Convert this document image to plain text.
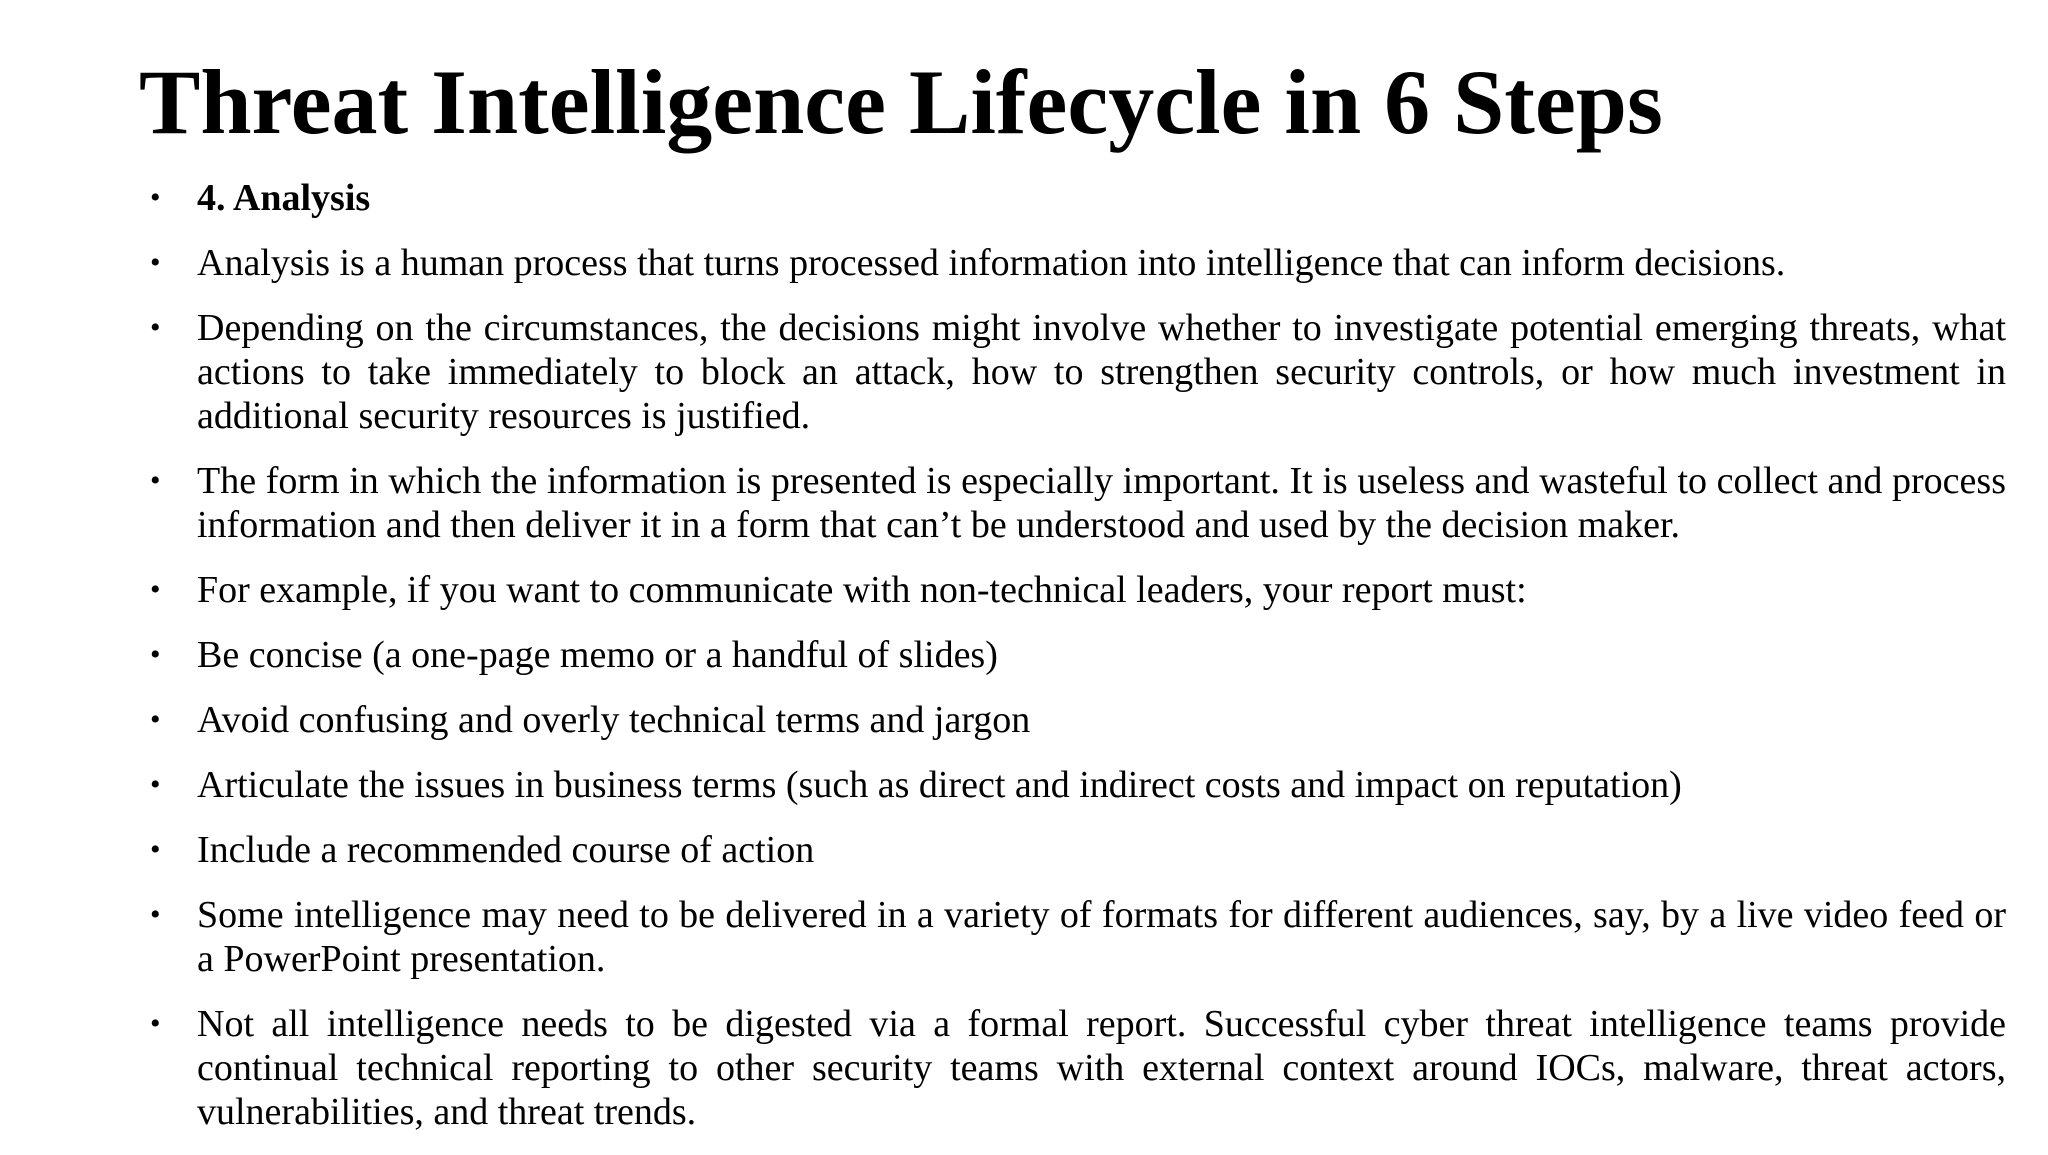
Threat Intelligence Lifecycle in 6 Steps
• 4. Analysis
• Analysis is a human process that turns processed information into intelligence that can inform decisions.
• Depending on the circumstances, the decisions might involve whether to investigate potential emerging threats, what actions to take immediately to block an attack, how to strengthen security controls, or how much investment in additional security resources is justified.
• The form in which the information is presented is especially important. It is useless and wasteful to collect and process information and then deliver it in a form that can’t be understood and used by the decision maker.
• For example, if you want to communicate with non-technical leaders, your report must:
• Be concise (a one-page memo or a handful of slides)
• Avoid confusing and overly technical terms and jargon
• Articulate the issues in business terms (such as direct and indirect costs and impact on reputation)
• Include a recommended course of action
• Some intelligence may need to be delivered in a variety of formats for different audiences, say, by a live video feed or a PowerPoint presentation.
• Not all intelligence needs to be digested via a formal report. Successful cyber threat intelligence teams provide continual technical reporting to other security teams with external context around IOCs, malware, threat actors, vulnerabilities, and threat trends.
